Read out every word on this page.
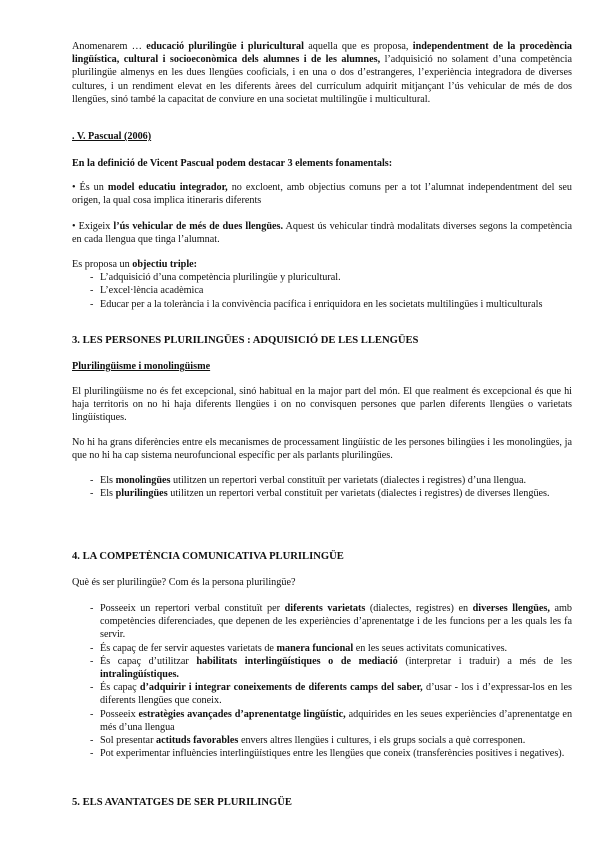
Anomenarem … educació plurilingüe i pluricultural aquella que es proposa, independentment de la procedència lingüística, cultural i socioeconòmica dels alumnes i de les alumnes, l’adquisició no solament d’una competència plurilingüe almenys en les dues llengües cooficials, i en una o dos d’estrangeres, l’experiència integradora de diverses cultures, i un rendiment elevat en les diferents àrees del currículum adquirit mitjançant l’ús vehicular de més de dos llengües, sinó també la capacitat de conviure en una societat multilingüe i multicultural.
. V. Pascual (2006)
En la definició de Vicent Pascual podem destacar 3 elements fonamentals:
• És un model educatiu integrador, no excloent, amb objectius comuns per a tot l’alumnat independentment del seu origen, la qual cosa implica itineraris diferents
• Exigeix l’ús vehicular de més de dues llengües. Aquest ús vehicular tindrà modalitats diverses segons la competència en cada llengua que tinga l’alumnat.
Es proposa un objectiu triple:
- L’adquisició d’una competència plurilingüe y pluricultural.
- L’excel·lència acadèmica
- Educar per a la tolerància i la convivència pacífica i enriquidora en les societats multilingües i multiculturals
3. LES PERSONES PLURILINGÜES : ADQUISICIÓ DE LES LLENGÜES
Plurilingüisme i monolingüisme
El plurilingüisme no és fet excepcional, sinó habitual en la major part del món. El que realment és excepcional és que hi haja territoris on no hi haja diferents llengües i on no convisquen persones que parlen diferents llengües o varietats lingüístiques.
No hi ha grans diferències entre els mecanismes de processament lingüístic de les persones bilingües i les monolingües, ja que no hi ha cap sistema neurofuncional específic per als parlants plurilingües.
- Els monolingües utilitzen un repertori verbal constituït per varietats (dialectes i registres) d’una llengua.
- Els plurilingües utilitzen un repertori verbal constituït per varietats (dialectes i registres) de diverses llengües.
4. LA COMPETÈNCIA COMUNICATIVA PLURILINGÜE
Què és ser plurilingüe? Com és la persona plurilingüe?
- Posseeix un repertori verbal constituït per diferents varietats (dialectes, registres) en diverses llengües, amb competències diferenciades, que depenen de les experiències d’aprenentatge i de les funcions per a les quals les fa servir.
- És capaç de fer servir aquestes varietats de manera funcional en les seues activitats comunicatives.
- És capaç d’utilitzar habilitats interlingüístiques o de mediació (interpretar i traduir) a més de les intralingüístiques.
- És capaç d’adquirir i integrar coneixements de diferents camps del saber, d’usar - los i d’expressar-los en les diferents llengües que coneix.
- Posseeix estratègies avançades d’aprenentatge lingüístic, adquirides en les seues experiències d’aprenentatge en més d’una llengua
- Sol presentar actituds favorables envers altres llengües i cultures, i els grups socials a què corresponen.
- Pot experimentar influències interlingüístiques entre les llengües que coneix (transferències positives i negatives).
5. ELS AVANTATGES DE SER PLURILINGÜE
